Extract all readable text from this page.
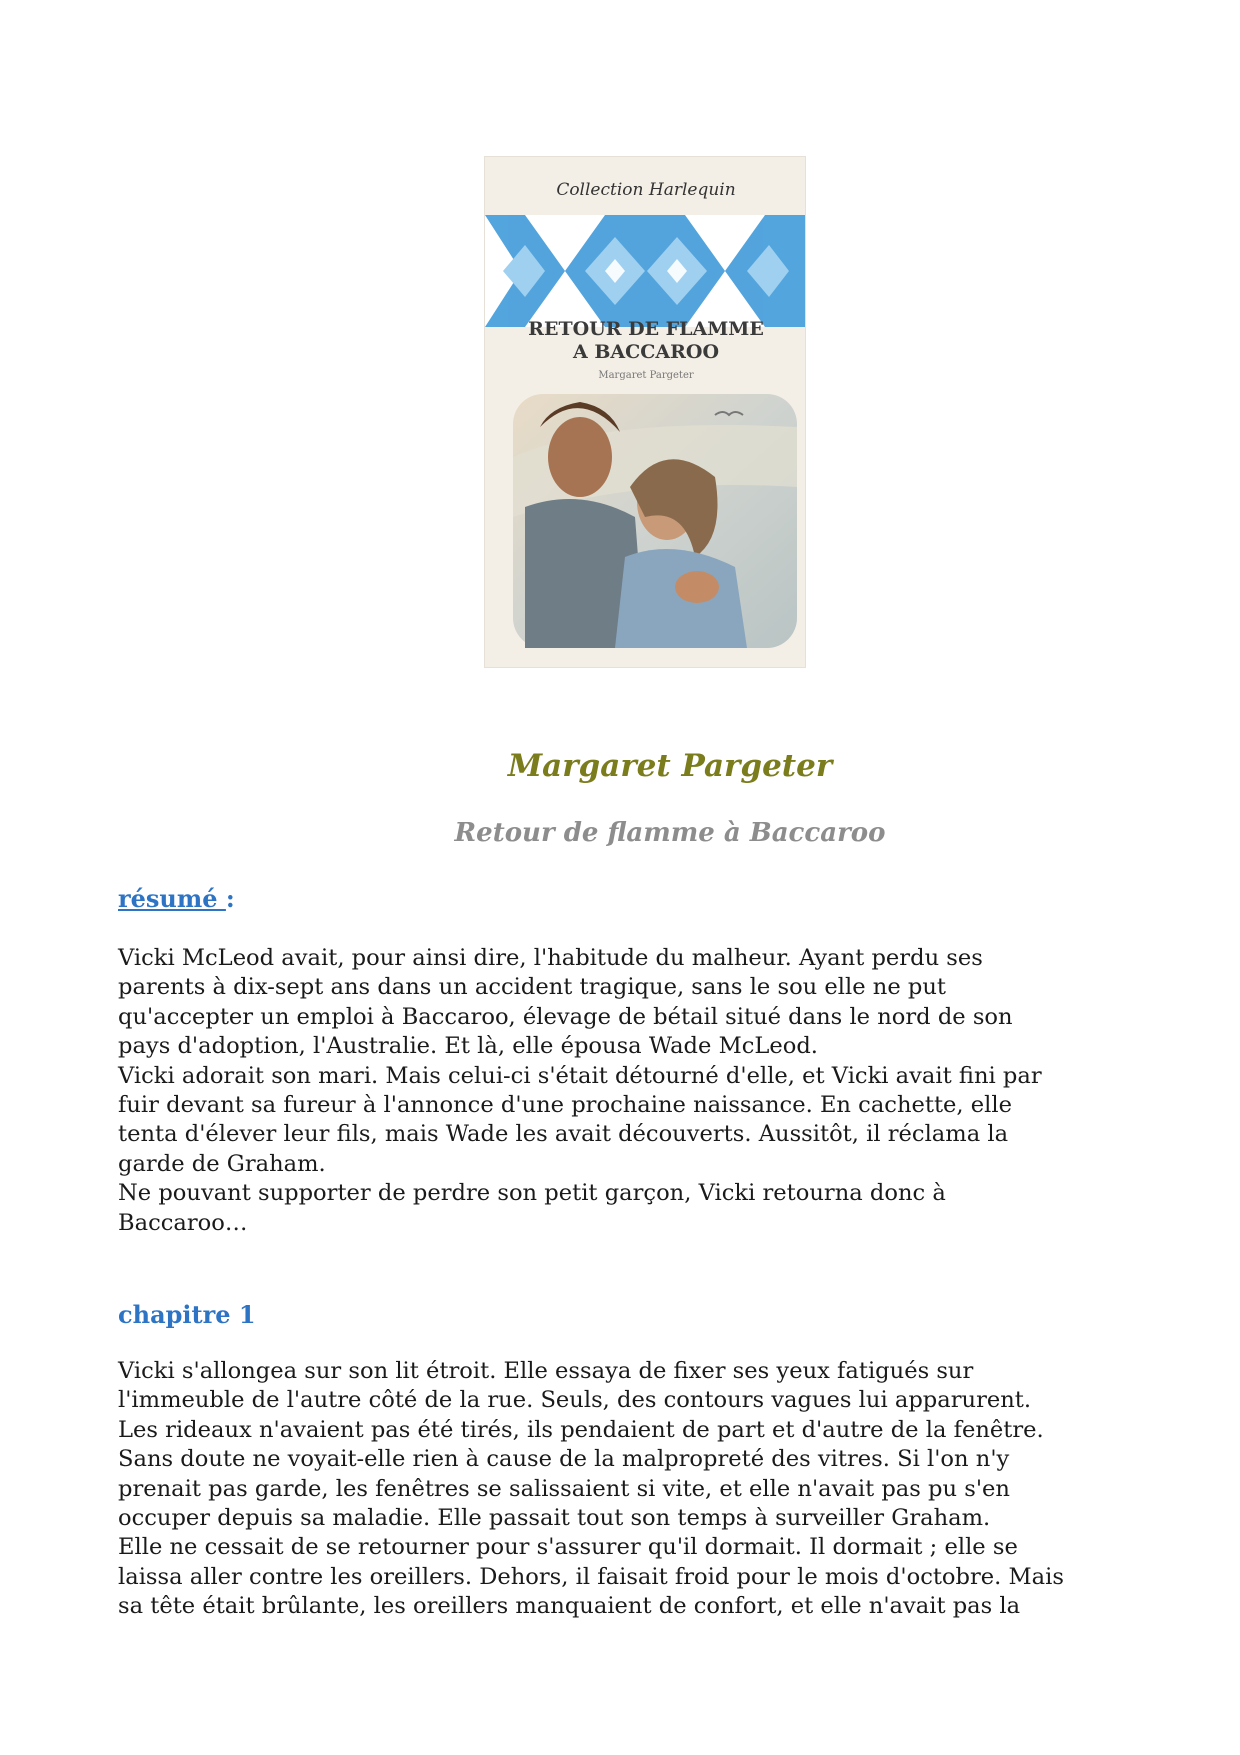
Collection Harlequin
RETOUR DE FLAMME
A BACCAROO
Margaret Pargeter
Margaret Pargeter
Retour de flamme à Baccaroo
résumé :
Vicki McLeod avait, pour ainsi dire, l'habitude du malheur. Ayant perdu ses
parents à dix-sept ans dans un accident tragique, sans le sou elle ne put
qu'accepter un emploi à Baccaroo, élevage de bétail situé dans le nord de son
pays d'adoption, l'Australie. Et là, elle épousa Wade McLeod.
Vicki adorait son mari. Mais celui-ci s'était détourné d'elle, et Vicki avait fini par
fuir devant sa fureur à l'annonce d'une prochaine naissance. En cachette, elle
tenta d'élever leur fils, mais Wade les avait découverts. Aussitôt, il réclama la
garde de Graham.
Ne pouvant supporter de perdre son petit garçon, Vicki retourna donc à
Baccaroo…
chapitre 1
Vicki s'allongea sur son lit étroit. Elle essaya de fixer ses yeux fatigués sur
l'immeuble de l'autre côté de la rue. Seuls, des contours vagues lui apparurent.
Les rideaux n'avaient pas été tirés, ils pendaient de part et d'autre de la fenêtre.
Sans doute ne voyait-elle rien à cause de la malpropreté des vitres. Si l'on n'y
prenait pas garde, les fenêtres se salissaient si vite, et elle n'avait pas pu s'en
occuper depuis sa maladie. Elle passait tout son temps à surveiller Graham.
Elle ne cessait de se retourner pour s'assurer qu'il dormait. Il dormait ; elle se
laissa aller contre les oreillers. Dehors, il faisait froid pour le mois d'octobre. Mais
sa tête était brûlante, les oreillers manquaient de confort, et elle n'avait pas la
